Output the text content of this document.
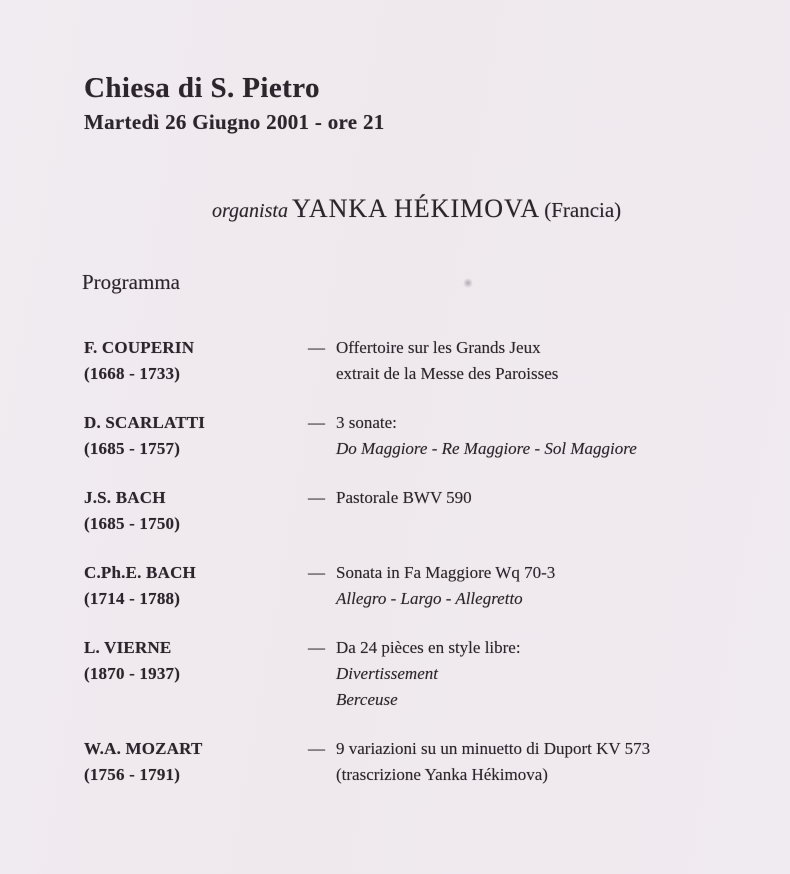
Chiesa di S. Pietro
Martedì 26 Giugno 2001 - ore 21
organista YANKA HÉKIMOVA (Francia)
Programma
F. COUPERIN
(1668 - 1733)
— Offertoire sur les Grands Jeux
extrait de la Messe des Paroisses
D. SCARLATTI
(1685 - 1757)
— 3 sonate:
Do Maggiore - Re Maggiore - Sol Maggiore
J.S. BACH
(1685 - 1750)
— Pastorale BWV 590
C.Ph.E. BACH
(1714 - 1788)
— Sonata in Fa Maggiore Wq 70-3
Allegro - Largo - Allegretto
L. VIERNE
(1870 - 1937)
— Da 24 pièces en style libre:
Divertissement
Berceuse
W.A. MOZART
(1756 - 1791)
— 9 variazioni su un minuetto di Duport KV 573
(trascrizione Yanka Hékimova)
